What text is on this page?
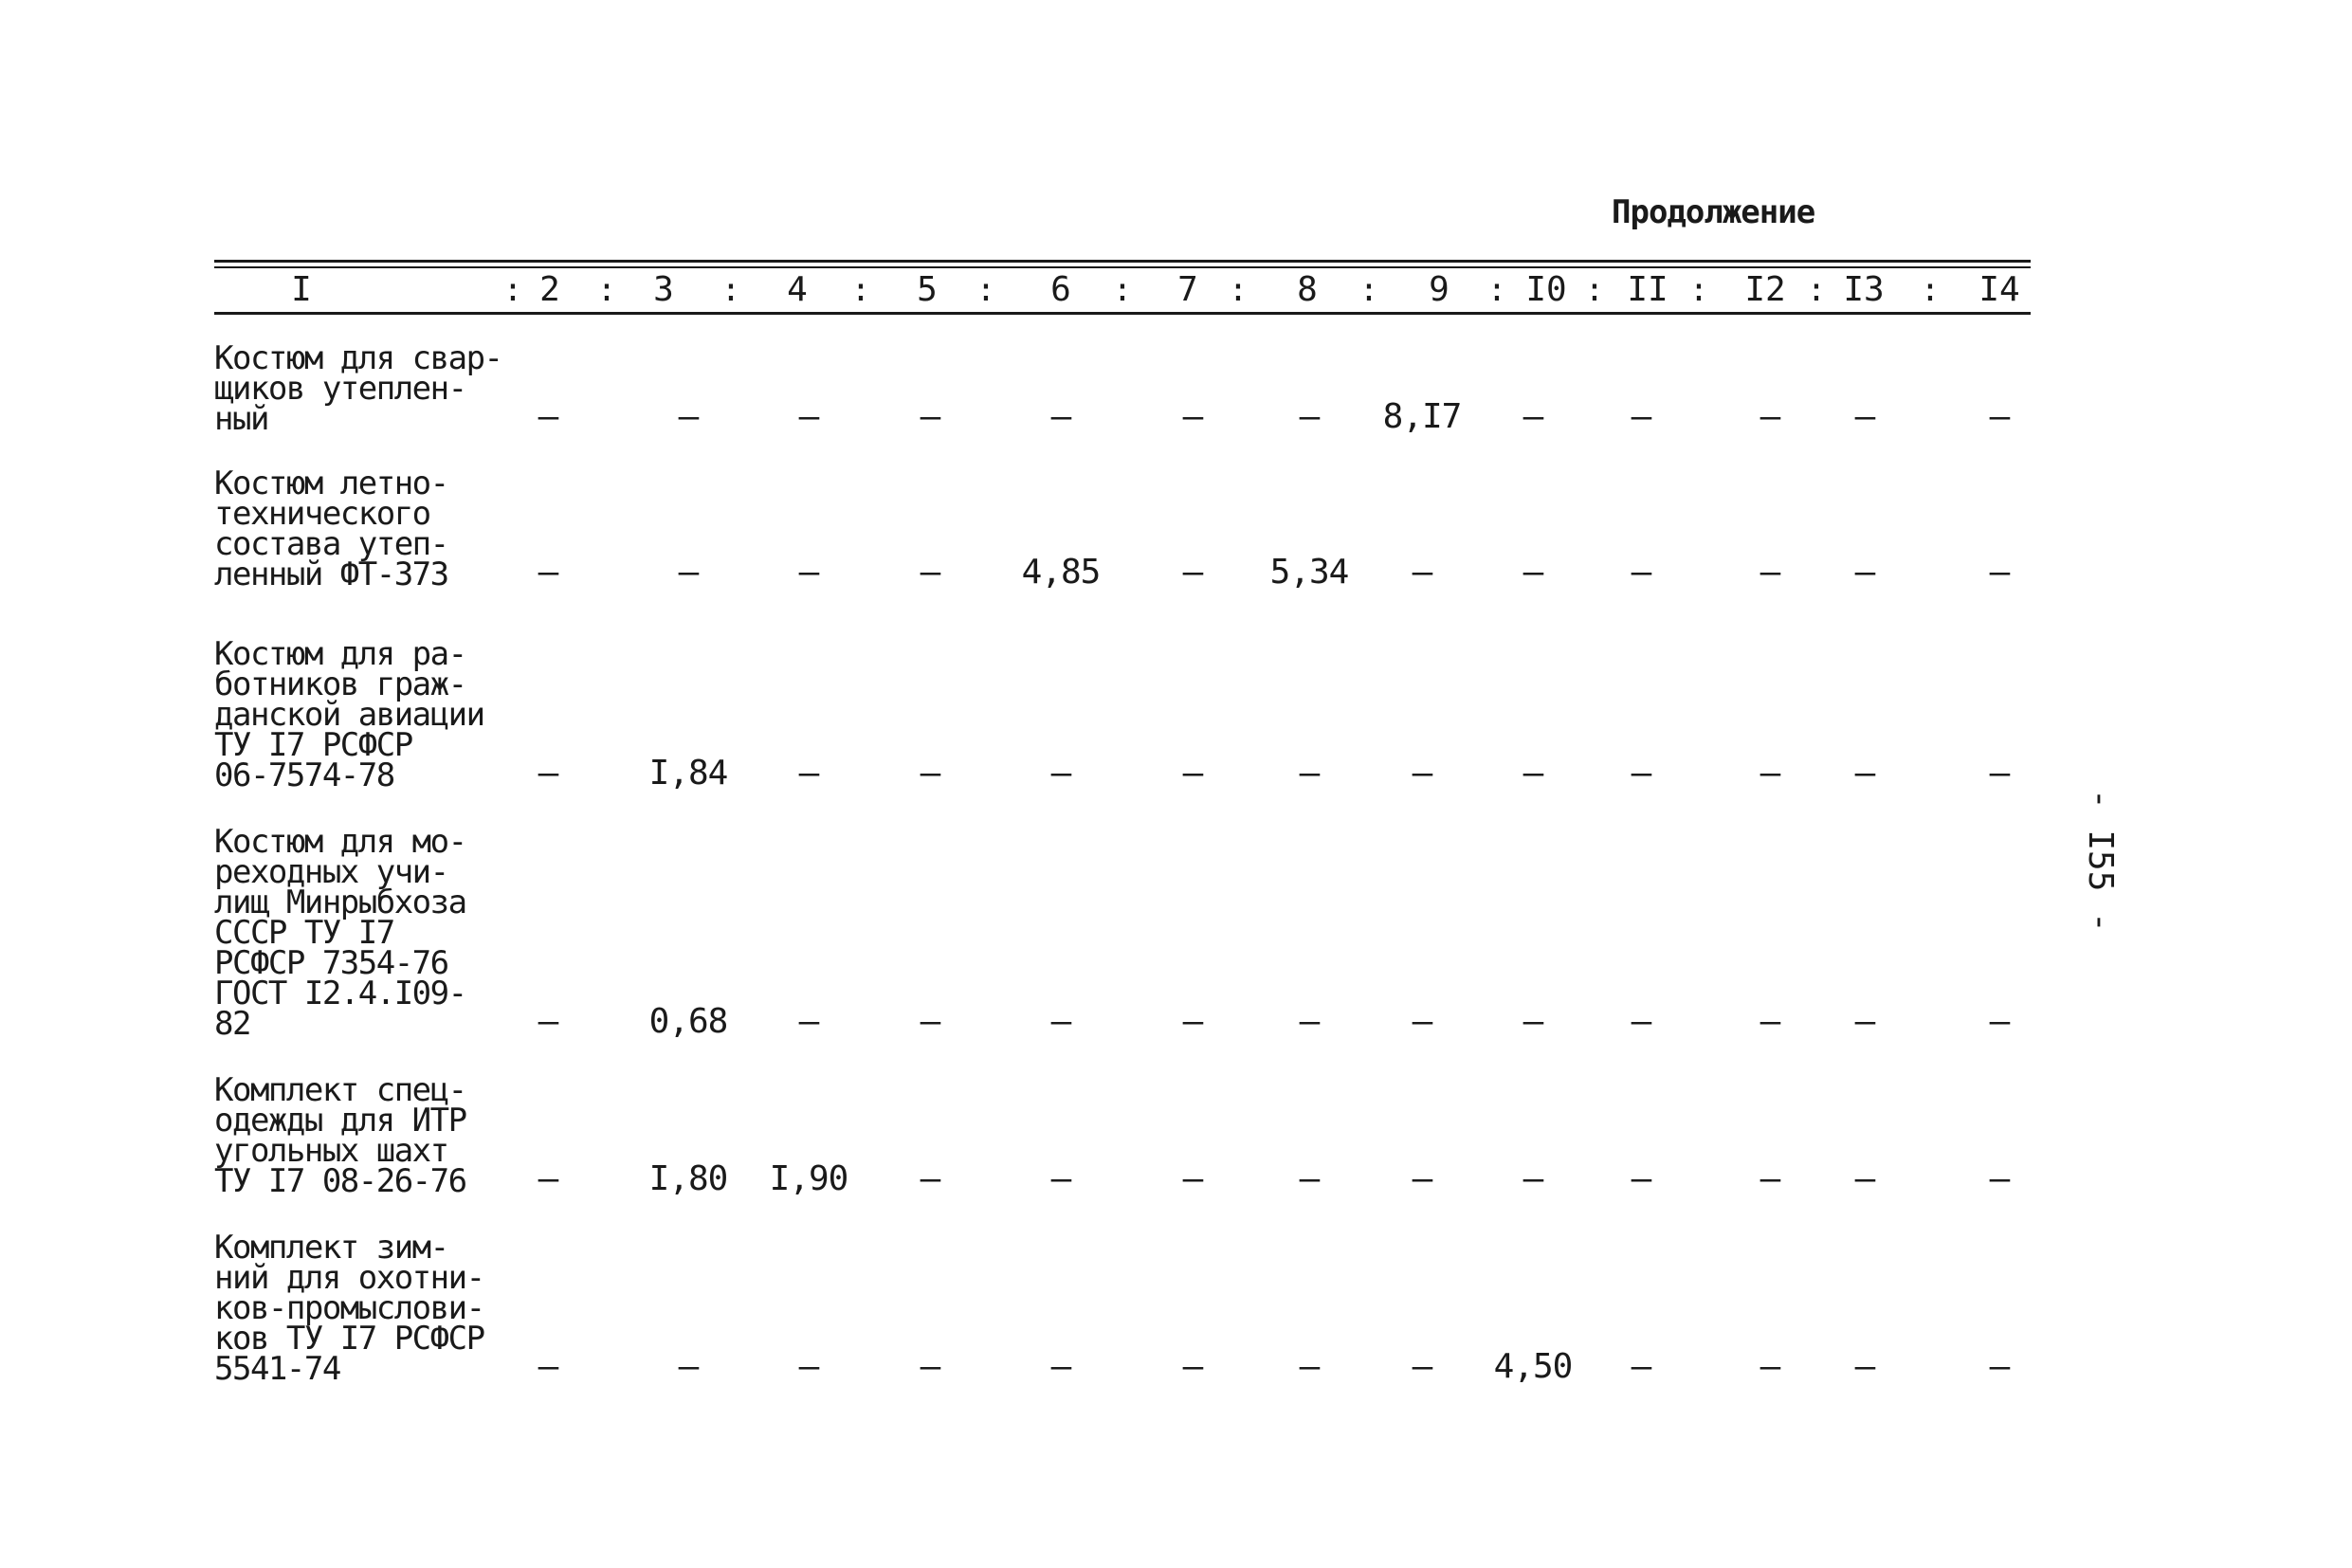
Продолжение
I	2	3	4	5	6	7	8	9 I0 II I2 I3	I4
: :	:	:	:	:	:	:	: :	:	:	:
Костюм для свар-
щиков утеплен-
ный	–	–	–	–	–	–	– 8,I7 –	–	– –	–
Костюм летно-
технического
состава утеп-
ленный ФТ-373	–	–	–	– 4,85 – 5,34 –	–	–	– –	–
Костюм для ра-
ботников граж-
данской авиации
ТУ I7 РСФСР
06-7574-78	–	I,84 –	–	–	–	–	–	–	–	– –	–
Костюм для мо-
реходных учи-
лищ Минрыбхоза
СССР ТУ I7
РСФСР 7354-76
ГОСТ I2.4.I09-
82	–	0,68 –	–	–	–	–	–	–	–	– –	–
Комплект спец-
одежды для ИТР
угольных шахт
ТУ I7 08-26-76	–	I,80 I,90 –	–	–	–	–	–	–	– –	–
Комплект зим-
ний для охотни-
ков-промыслови-
ков ТУ I7 РСФСР
5541-74	–	–	–	–	–	–	–	– 4,50 –	– –	–
- I55 -
